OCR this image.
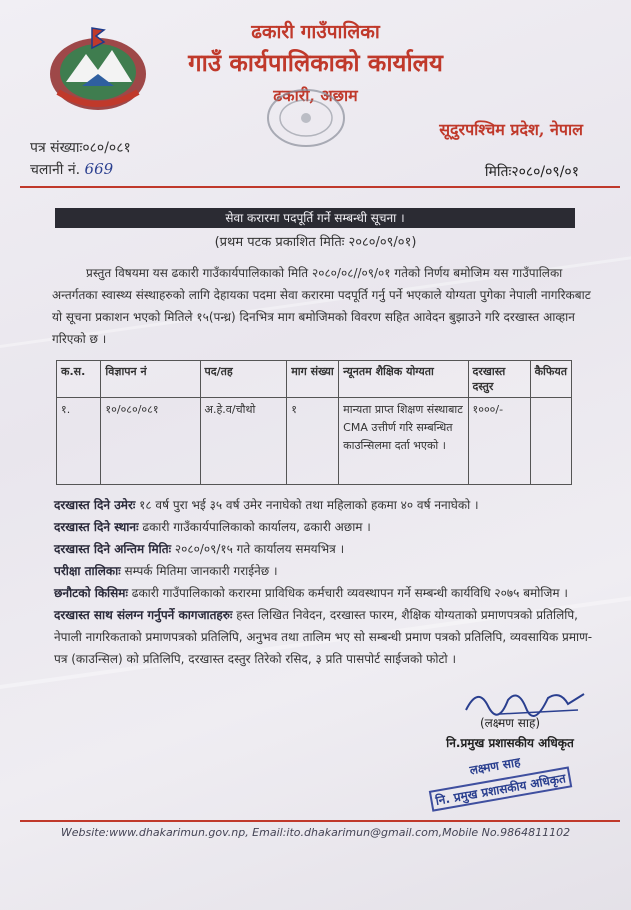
ढकारी गाउँपालिका
गाउँ कार्यपालिकाको कार्यालय
ढकारी, अछाम
सूदुरपश्चिम प्रदेश, नेपाल
पत्र संख्याः०८०/०८१
चलानी नं. 669	मितिः२०८०/०९/०१
सेवा करारमा पदपूर्ति गर्ने सम्बन्धी सूचना ।
(प्रथम पटक प्रकाशित मितिः २०८०/०९/०१)
प्रस्तुत विषयमा यस ढकारी गाउँकार्यपालिकाको मिति २०८०/०८//०९/०१ गतेको निर्णय बमोजिम यस गाउँपालिका अन्तर्गतका स्वास्थ्य संस्थाहरुको लागि देहायका पदमा सेवा करारमा पदपूर्ति गर्नु पर्ने भएकाले योग्यता पुगेका नेपाली नागरिकबाट यो सूचना प्रकाशन भएको मितिले १५(पन्ध्र) दिनभित्र माग बमोजिमको विवरण सहित आवेदन बुझाउने गरि दरखास्त आव्हान गरिएको छ ।
क.स.	विज्ञापन नं	पद/तह	माग संख्या	न्यूनतम शैक्षिक योग्यता	दरखास्त दस्तुर	कैफियत
१.	१०/०८०/०८१	अ.हे.व/चौथो	१	मान्यता प्राप्त शिक्षण संस्थाबाट CMA उत्तीर्ण गरि सम्बन्धित काउन्सिलमा दर्ता भएको ।	१०००/-	

दरखास्त दिने उमेरः १८ वर्ष पुरा भई ३५ वर्ष उमेर ननाघेको तथा महिलाको हकमा ४० वर्ष ननाघेको ।

दरखास्त दिने स्थानः ढकारी गाउँकार्यपालिकाको कार्यालय, ढकारी अछाम ।

दरखास्त दिने अन्तिम मितिः २०८०/०९/१५ गते कार्यालय समयभित्र ।

परीक्षा तालिकाः सम्पर्क मितिमा जानकारी गराईनेछ ।

छनौटको किसिमः ढकारी गाउँपालिकाको करारमा प्राविधिक कर्मचारी व्यवस्थापन गर्ने सम्बन्धी कार्यविधि २०७५ बमोजिम ।

दरखास्त साथ संलग्न गर्नुपर्ने कागजातहरुः हस्त लिखित निवेदन, दरखास्त फारम, शैक्षिक योग्यताको प्रमाणपत्रको प्रतिलिपि, नेपाली नागरिकताको प्रमाणपत्रको प्रतिलिपि, अनुभव तथा तालिम भए सो सम्बन्धी प्रमाण पत्रको प्रतिलिपि, व्यवसायिक प्रमाण-पत्र (काउन्सिल) को प्रतिलिपि, दरखास्त दस्तुर तिरेको रसिद, ३ प्रति पासपोर्ट साईजको फोटो ।

(लक्ष्मण साह)
नि.प्रमुख प्रशासकीय अधिकृत
लक्ष्मण साह
नि. प्रमुख प्रशासकीय अधिकृत
Website:www.dhakarimun.gov.np, Email:ito.dhakarimun@gmail.com,Mobile No.9864811102
